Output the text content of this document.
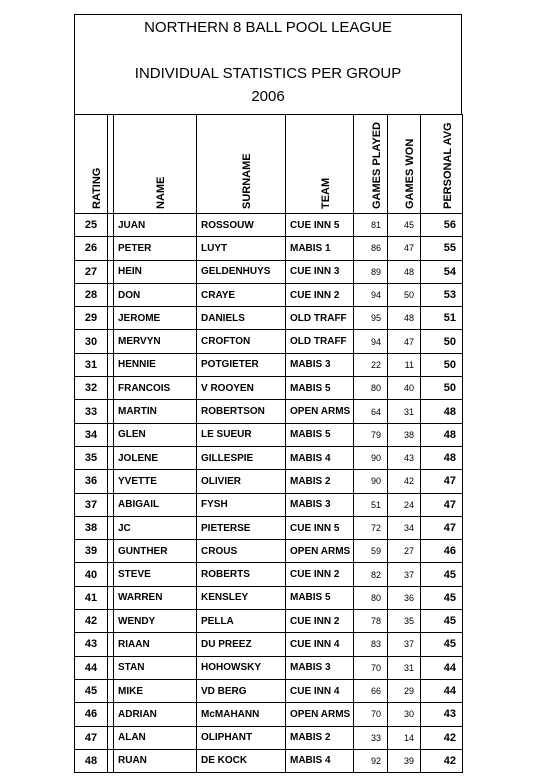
NORTHERN 8 BALL POOL LEAGUE
INDIVIDUAL STATISTICS PER GROUP
2006
RATING		NAME	SURNAME	TEAM	GAMES PLAYED	GAMES WON	PERSONAL AVG

25		JUAN	ROSSOUW	CUE INN 5	81	45	56
26		PETER	LUYT	MABIS 1	86	47	55
27		HEIN	GELDENHUYS	CUE INN 3	89	48	54
28		DON	CRAYE	CUE INN 2	94	50	53
29		JEROME	DANIELS	OLD TRAFF	95	48	51
30		MERVYN	CROFTON	OLD TRAFF	94	47	50
31		HENNIE	POTGIETER	MABIS 3	22	11	50
32		FRANCOIS	V ROOYEN	MABIS 5	80	40	50
33		MARTIN	ROBERTSON	OPEN ARMS	64	31	48
34		GLEN	LE SUEUR	MABIS 5	79	38	48
35		JOLENE	GILLESPIE	MABIS 4	90	43	48
36		YVETTE	OLIVIER	MABIS 2	90	42	47
37		ABIGAIL	FYSH	MABIS 3	51	24	47
38		JC	PIETERSE	CUE INN 5	72	34	47
39		GUNTHER	CROUS	OPEN ARMS	59	27	46
40		STEVE	ROBERTS	CUE INN 2	82	37	45
41		WARREN	KENSLEY	MABIS 5	80	36	45
42		WENDY	PELLA	CUE INN 2	78	35	45
43		RIAAN	DU PREEZ	CUE INN 4	83	37	45
44		STAN	HOHOWSKY	MABIS 3	70	31	44
45		MIKE	VD BERG	CUE INN 4	66	29	44
46		ADRIAN	McMAHANN	OPEN ARMS	70	30	43
47		ALAN	OLIPHANT	MABIS 2	33	14	42
48		RUAN	DE KOCK	MABIS 4	92	39	42
